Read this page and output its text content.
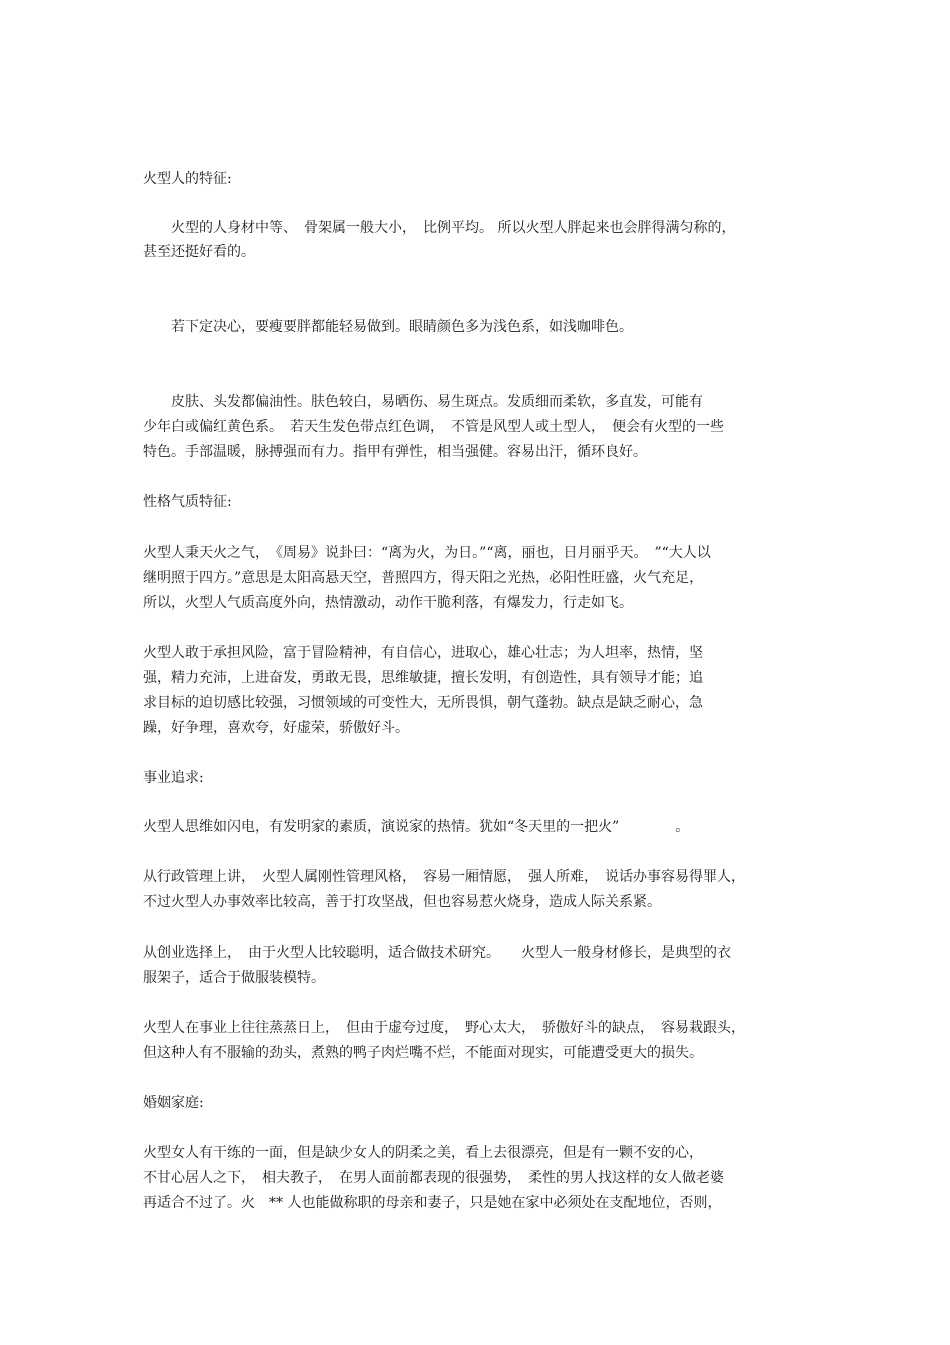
火型人的特征:
　　火型的人身材中等、　骨架属一般大小，　比例平均。 所以火型人胖起来也会胖得满匀称的，
甚至还挺好看的。
　　若下定决心，要瘦要胖都能轻易做到。眼睛颜色多为浅色系，如浅咖啡色。
　　皮肤、头发都偏油性。肤色较白，易晒伤、易生斑点。发质细而柔软，多直发，可能有
少年白或偏红黄色系。　若天生发色带点红色调，　不管是风型人或土型人，　便会有火型的一些
特色。手部温暖，脉搏强而有力。指甲有弹性，相当强健。容易出汗，循环良好。
性格气质特征:
火型人秉天火之气，　《周易》说卦曰：“离为火，为日。”“离，丽也，日月丽乎天。　”“大人以
继明照于四方。”意思是太阳高悬天空，普照四方，得天阳之光热，必阳性旺盛，火气充足，
所以，火型人气质高度外向，热情激动，动作干脆利落，有爆发力，行走如飞。
火型人敢于承担风险，富于冒险精神，有自信心，进取心，雄心壮志；为人坦率，热情，坚
强，精力充沛，上进奋发，勇敢无畏，思维敏捷，擅长发明，有创造性，具有领导才能；追
求目标的迫切感比较强，习惯领域的可变性大，无所畏惧，朝气蓬勃。缺点是缺乏耐心，急
躁，好争理，喜欢夸，好虚荣，骄傲好斗。
事业追求:
火型人思维如闪电，有发明家的素质，演说家的热情。犹如“冬天里的一把火”　　　　。
从行政管理上讲，　火型人属刚性管理风格，　容易一厢情愿，　强人所难，　说话办事容易得罪人，
不过火型人办事效率比较高，善于打攻坚战，但也容易惹火烧身，造成人际关系紧。
从创业选择上，　由于火型人比较聪明，适合做技术研究。　　火型人一般身材修长，是典型的衣
服架子，适合于做服装模特。
火型人在事业上往往蒸蒸日上，　但由于虚夸过度，　野心太大，　骄傲好斗的缺点，　容易栽跟头，
但这种人有不服输的劲头，煮熟的鸭子肉烂嘴不烂，不能面对现实，可能遭受更大的损失。
婚姻家庭:
火型女人有干练的一面，但是缺少女人的阴柔之美，看上去很漂亮，但是有一颗不安的心，
不甘心居人之下，　相夫教子，　在男人面前都表现的很强势，　柔性的男人找这样的女人做老婆
再适合不过了。火　** 人也能做称职的母亲和妻子，只是她在家中必须处在支配地位，否则，
